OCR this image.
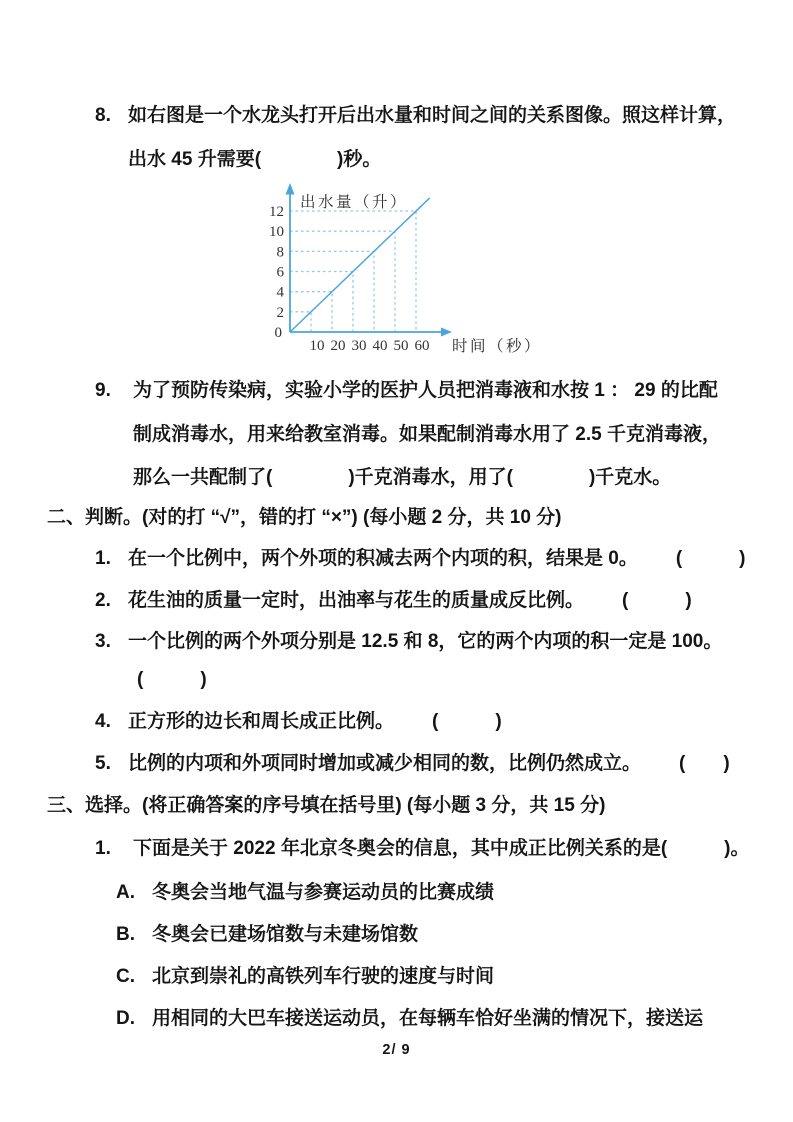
8. 如右图是一个水龙头打开后出水量和时间之间的关系图像。照这样计算，
出水 45 升需要(　　　　)秒。
2
4
6
8
10
12
0
10 20 30 40 50 60
出水量（升）
时间（秒）
9.	为了预防传染病，实验小学的医护人员把消毒液和水按 1 ： 29 的比配
制成消毒水，用来给教室消毒。如果配制消毒水用了 2.5 千克消毒液，
那么一共配制了(　　　　)千克消毒水，用了(　　　　)千克水。
二、判断。(对的打 “√”，错的打 “×”) (每小题 2 分，共 10 分)
1. 在一个比例中，两个外项的积减去两个内项的积，结果是 0。 　　(　　　)
2. 花生油的质量一定时，出油率与花生的质量成反比例。 　　(　　　)
3. 一个比例的两个外项分别是 12.5 和 8，它的两个内项的积一定是 100。
(　　　)
4. 正方形的边长和周长成正比例。 　　(　　　)
5. 比例的内项和外项同时增加或减少相同的数，比例仍然成立。 　　(　　)
三、选择。(将正确答案的序号填在括号里) (每小题 3 分，共 15 分)
1.	下面是关于 2022 年北京冬奥会的信息，其中成正比例关系的是(　　　)。
A. 冬奥会当地气温与参赛运动员的比赛成绩
B. 冬奥会已建场馆数与未建场馆数
C. 北京到崇礼的高铁列车行驶的速度与时间
D. 用相同的大巴车接送运动员，在每辆车恰好坐满的情况下，接送运
2/ 9
